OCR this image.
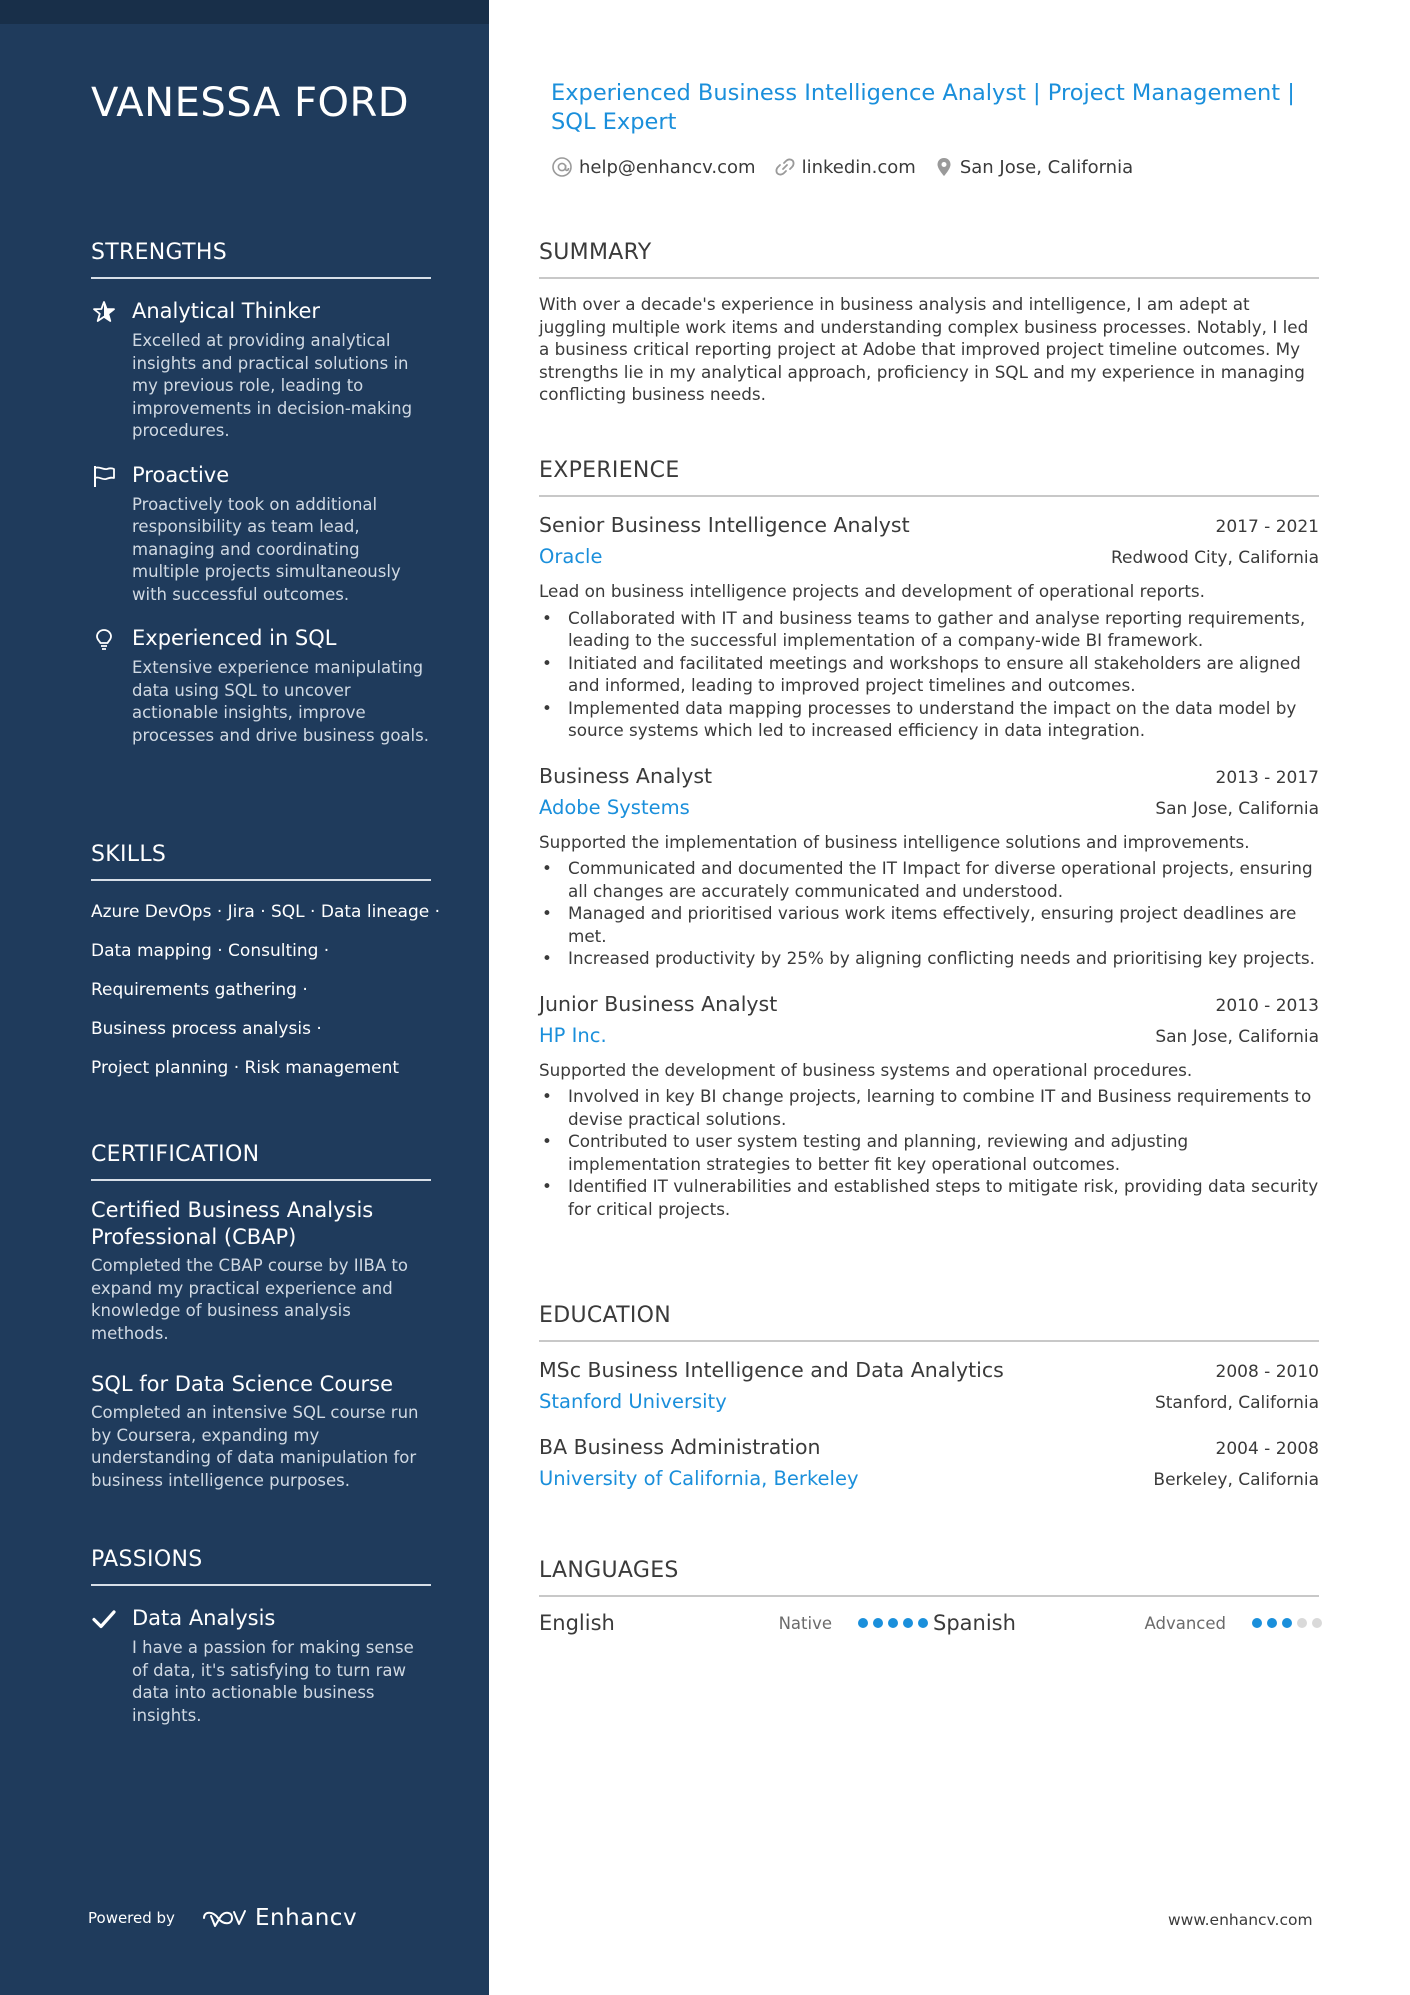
VANESSA FORD
STRENGTHS
Analytical Thinker
Excelled at providing analytical insights and practical solutions in my previous role, leading to improvements in decision-making procedures.
Proactive
Proactively took on additional responsibility as team lead, managing and coordinating multiple projects simultaneously with successful outcomes.
Experienced in SQL
Extensive experience manipulating data using SQL to uncover actionable insights, improve processes and drive business goals.
SKILLS
Azure DevOps · Jira · SQL · Data lineage ·
Data mapping · Consulting ·
Requirements gathering ·
Business process analysis ·
Project planning · Risk management
CERTIFICATION
Certified Business Analysis Professional (CBAP)
Completed the CBAP course by IIBA to expand my practical experience and knowledge of business analysis methods.
SQL for Data Science Course
Completed an intensive SQL course run by Coursera, expanding my understanding of data manipulation for business intelligence purposes.
PASSIONS
Data Analysis
I have a passion for making sense of data, it's satisfying to turn raw data into actionable business insights.
Powered by	Enhancv
Experienced Business Intelligence Analyst | Project Management | SQL Expert
help@enhancv.com	linkedin.com San Jose, California
SUMMARY
With over a decade's experience in business analysis and intelligence, I am adept at juggling multiple work items and understanding complex business processes. Notably, I led a business critical reporting project at Adobe that improved project timeline outcomes. My strengths lie in my analytical approach, proficiency in SQL and my experience in managing conflicting business needs.
EXPERIENCE
Senior Business Intelligence Analyst	2017 - 2021
Oracle	Redwood City, California
Lead on business intelligence projects and development of operational reports.
• Collaborated with IT and business teams to gather and analyse reporting requirements, leading to the successful implementation of a company-wide BI framework.
• Initiated and facilitated meetings and workshops to ensure all stakeholders are aligned and informed, leading to improved project timelines and outcomes.
• Implemented data mapping processes to understand the impact on the data model by source systems which led to increased efficiency in data integration.
Business Analyst	2013 - 2017
Adobe Systems	San Jose, California
Supported the implementation of business intelligence solutions and improvements.
• Communicated and documented the IT Impact for diverse operational projects, ensuring all changes are accurately communicated and understood.
• Managed and prioritised various work items effectively, ensuring project deadlines are met.
• Increased productivity by 25% by aligning conflicting needs and prioritising key projects.
Junior Business Analyst	2010 - 2013
HP Inc.	San Jose, California
Supported the development of business systems and operational procedures.
• Involved in key BI change projects, learning to combine IT and Business requirements to devise practical solutions.
• Contributed to user system testing and planning, reviewing and adjusting implementation strategies to better fit key operational outcomes.
• Identified IT vulnerabilities and established steps to mitigate risk, providing data security for critical projects.
EDUCATION
MSc Business Intelligence and Data Analytics	2008 - 2010
Stanford University	Stanford, California
BA Business Administration	2004 - 2008
University of California, Berkeley	Berkeley, California
LANGUAGES
English	Native	Spanish	Advanced
www.enhancv.com
